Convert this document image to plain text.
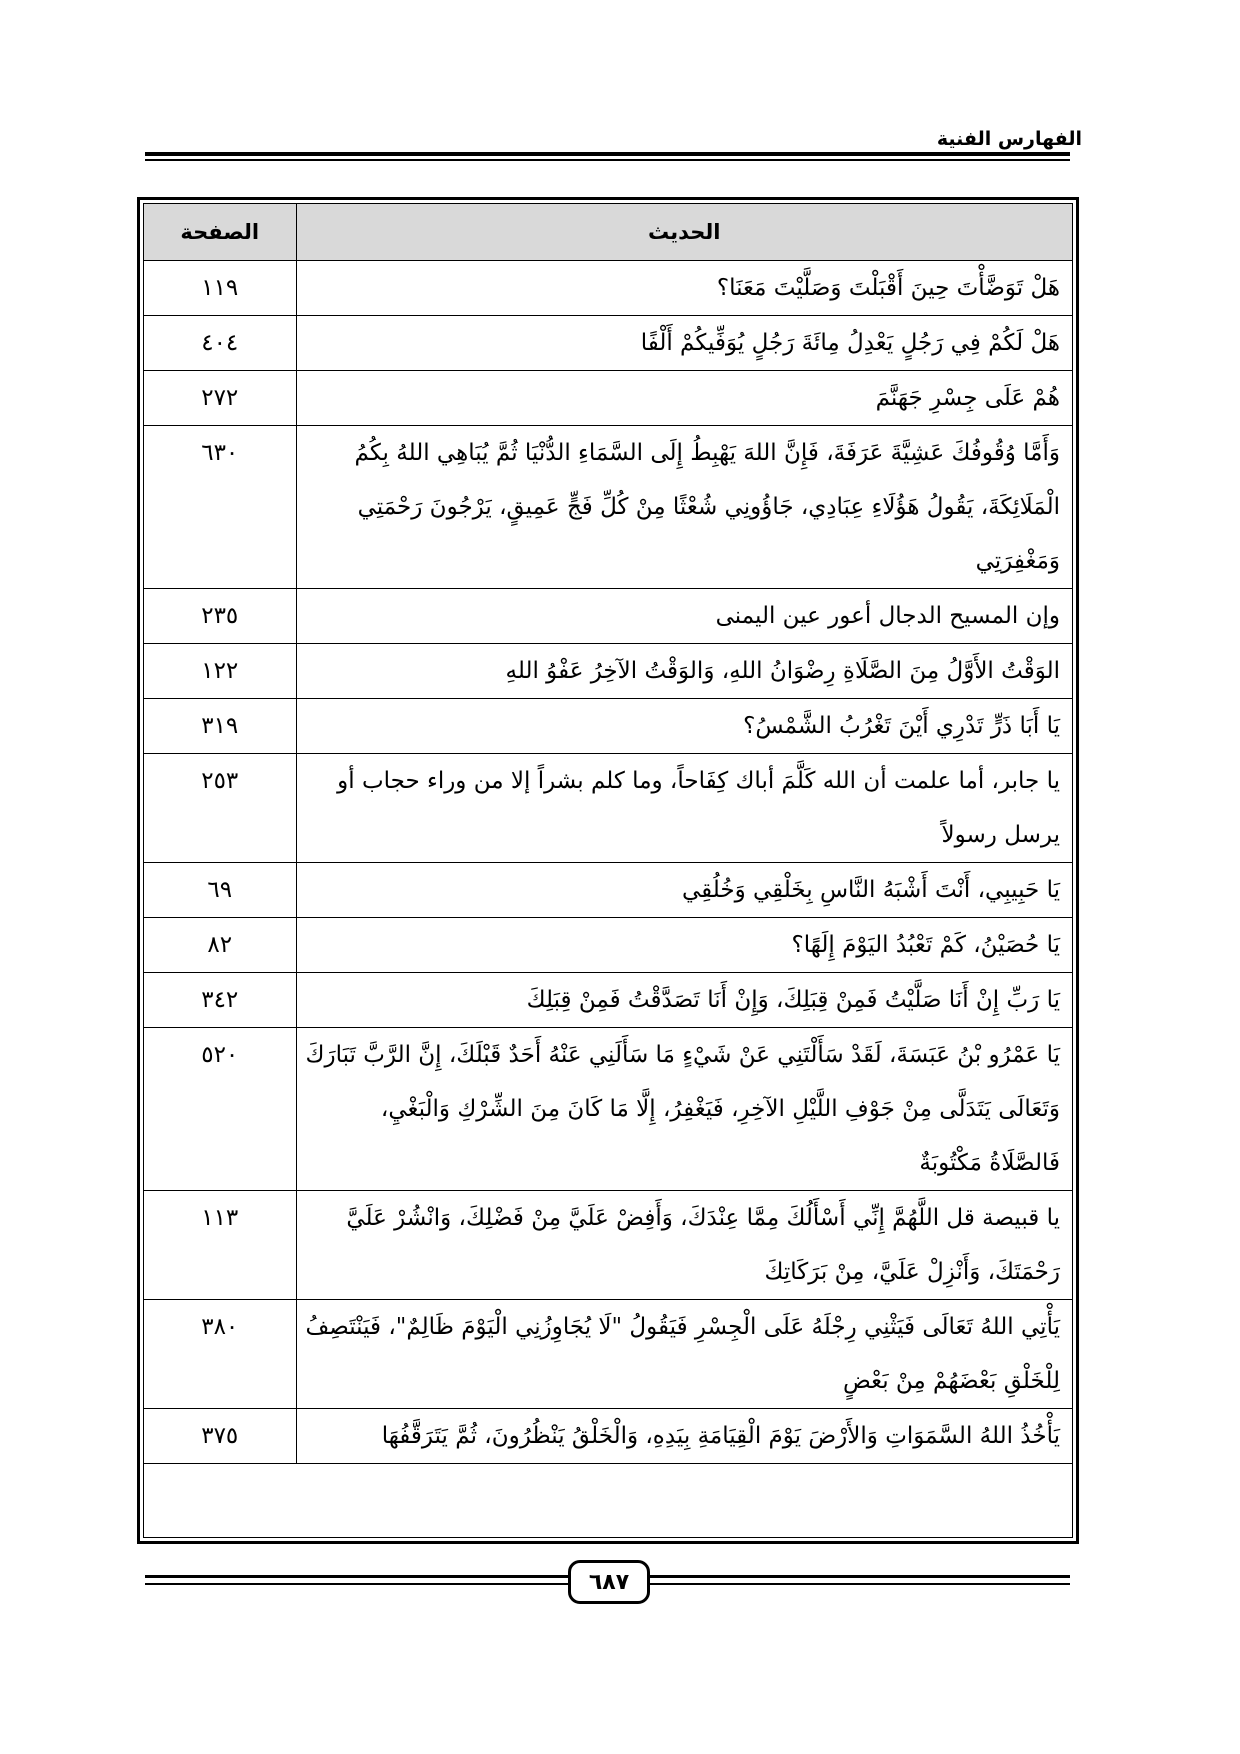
الفهارس الفنية
الحديث	الصفحة
هَلْ تَوَضَّأْتَ حِينَ أَقْبَلْتَ وَصَلَّيْتَ مَعَنَا؟	١١٩
هَلْ لَكُمْ فِي رَجُلٍ يَعْدِلُ مِائَةَ رَجُلٍ يُوَفِّيكُمْ أَلْفًا	٤٠٤
هُمْ عَلَى جِسْرِ جَهَنَّمَ	٢٧٢
وَأَمَّا وُقُوفُكَ عَشِيَّةَ عَرَفَةَ، فَإِنَّ اللهَ يَهْبِطُ إِلَى السَّمَاءِ الدُّنْيَا ثُمَّ يُبَاهِي اللهُ بِكُمُ الْمَلَائِكَةَ، يَقُولُ هَؤُلَاءِ عِبَادِي، جَاؤُونِي شُعْثًا مِنْ كُلِّ فَجٍّ عَمِيقٍ، يَرْجُونَ رَحْمَتِي وَمَغْفِرَتِي	٦٣٠
وإن المسيح الدجال أعور عين اليمنى	٢٣٥
الوَقْتُ الأَوَّلُ مِنَ الصَّلَاةِ رِضْوَانُ اللهِ، وَالوَقْتُ الآخِرُ عَفْوُ اللهِ	١٢٢
يَا أَبَا ذَرٍّ تَدْرِي أَيْنَ تَغْرُبُ الشَّمْسُ؟	٣١٩
يا جابر، أما علمت أن الله كَلَّمَ أباك كِفَاحاً، وما كلم بشراً إلا من وراء حجاب أو يرسل رسولاً	٢٥٣
يَا حَبِيبِي، أَنْتَ أَشْبَهُ النَّاسِ بِخَلْقِي وَخُلُقِي	٦٩
يَا حُصَيْنُ، كَمْ تَعْبُدُ اليَوْمَ إِلَهًا؟	٨٢
يَا رَبِّ إِنْ أَنَا صَلَّيْتُ فَمِنْ قِبَلِكَ، وَإِنْ أَنَا تَصَدَّقْتُ فَمِنْ قِبَلِكَ	٣٤٢
يَا عَمْرُو بْنُ عَبَسَةَ، لَقَدْ سَأَلْتَنِي عَنْ شَيْءٍ مَا سَأَلَنِي عَنْهُ أَحَدٌ قَبْلَكَ، إِنَّ الرَّبَّ تَبَارَكَ وَتَعَالَى يَتَدَلَّى مِنْ جَوْفِ اللَّيْلِ الآخِرِ، فَيَغْفِرُ، إِلَّا مَا كَانَ مِنَ الشِّرْكِ وَالْبَغْيِ، فَالصَّلَاةُ مَكْتُوبَةٌ	٥٢٠
يا قبيصة قل اللَّهُمَّ إِنِّي أَسْأَلُكَ مِمَّا عِنْدَكَ، وَأَفِضْ عَلَيَّ مِنْ فَضْلِكَ، وَانْشُرْ عَلَيَّ رَحْمَتَكَ، وَأَنْزِلْ عَلَيَّ، مِنْ بَرَكَاتِكَ	١١٣
يَأْتِي اللهُ تَعَالَى فَيَثْنِي رِجْلَهُ عَلَى الْجِسْرِ فَيَقُولُ "لَا يُجَاوِزُنِي الْيَوْمَ ظَالِمٌ"، فَيَنْتَصِفُ لِلْخَلْقِ بَعْضَهُمْ مِنْ بَعْضٍ	٣٨٠
يَأْخُذُ اللهُ السَّمَوَاتِ وَالأَرْضَ يَوْمَ الْقِيَامَةِ بِيَدِهِ، وَالْخَلْقُ يَنْظُرُونَ، ثُمَّ يَتَرَقَّفُهَا	٣٧٥
٦٨٧
